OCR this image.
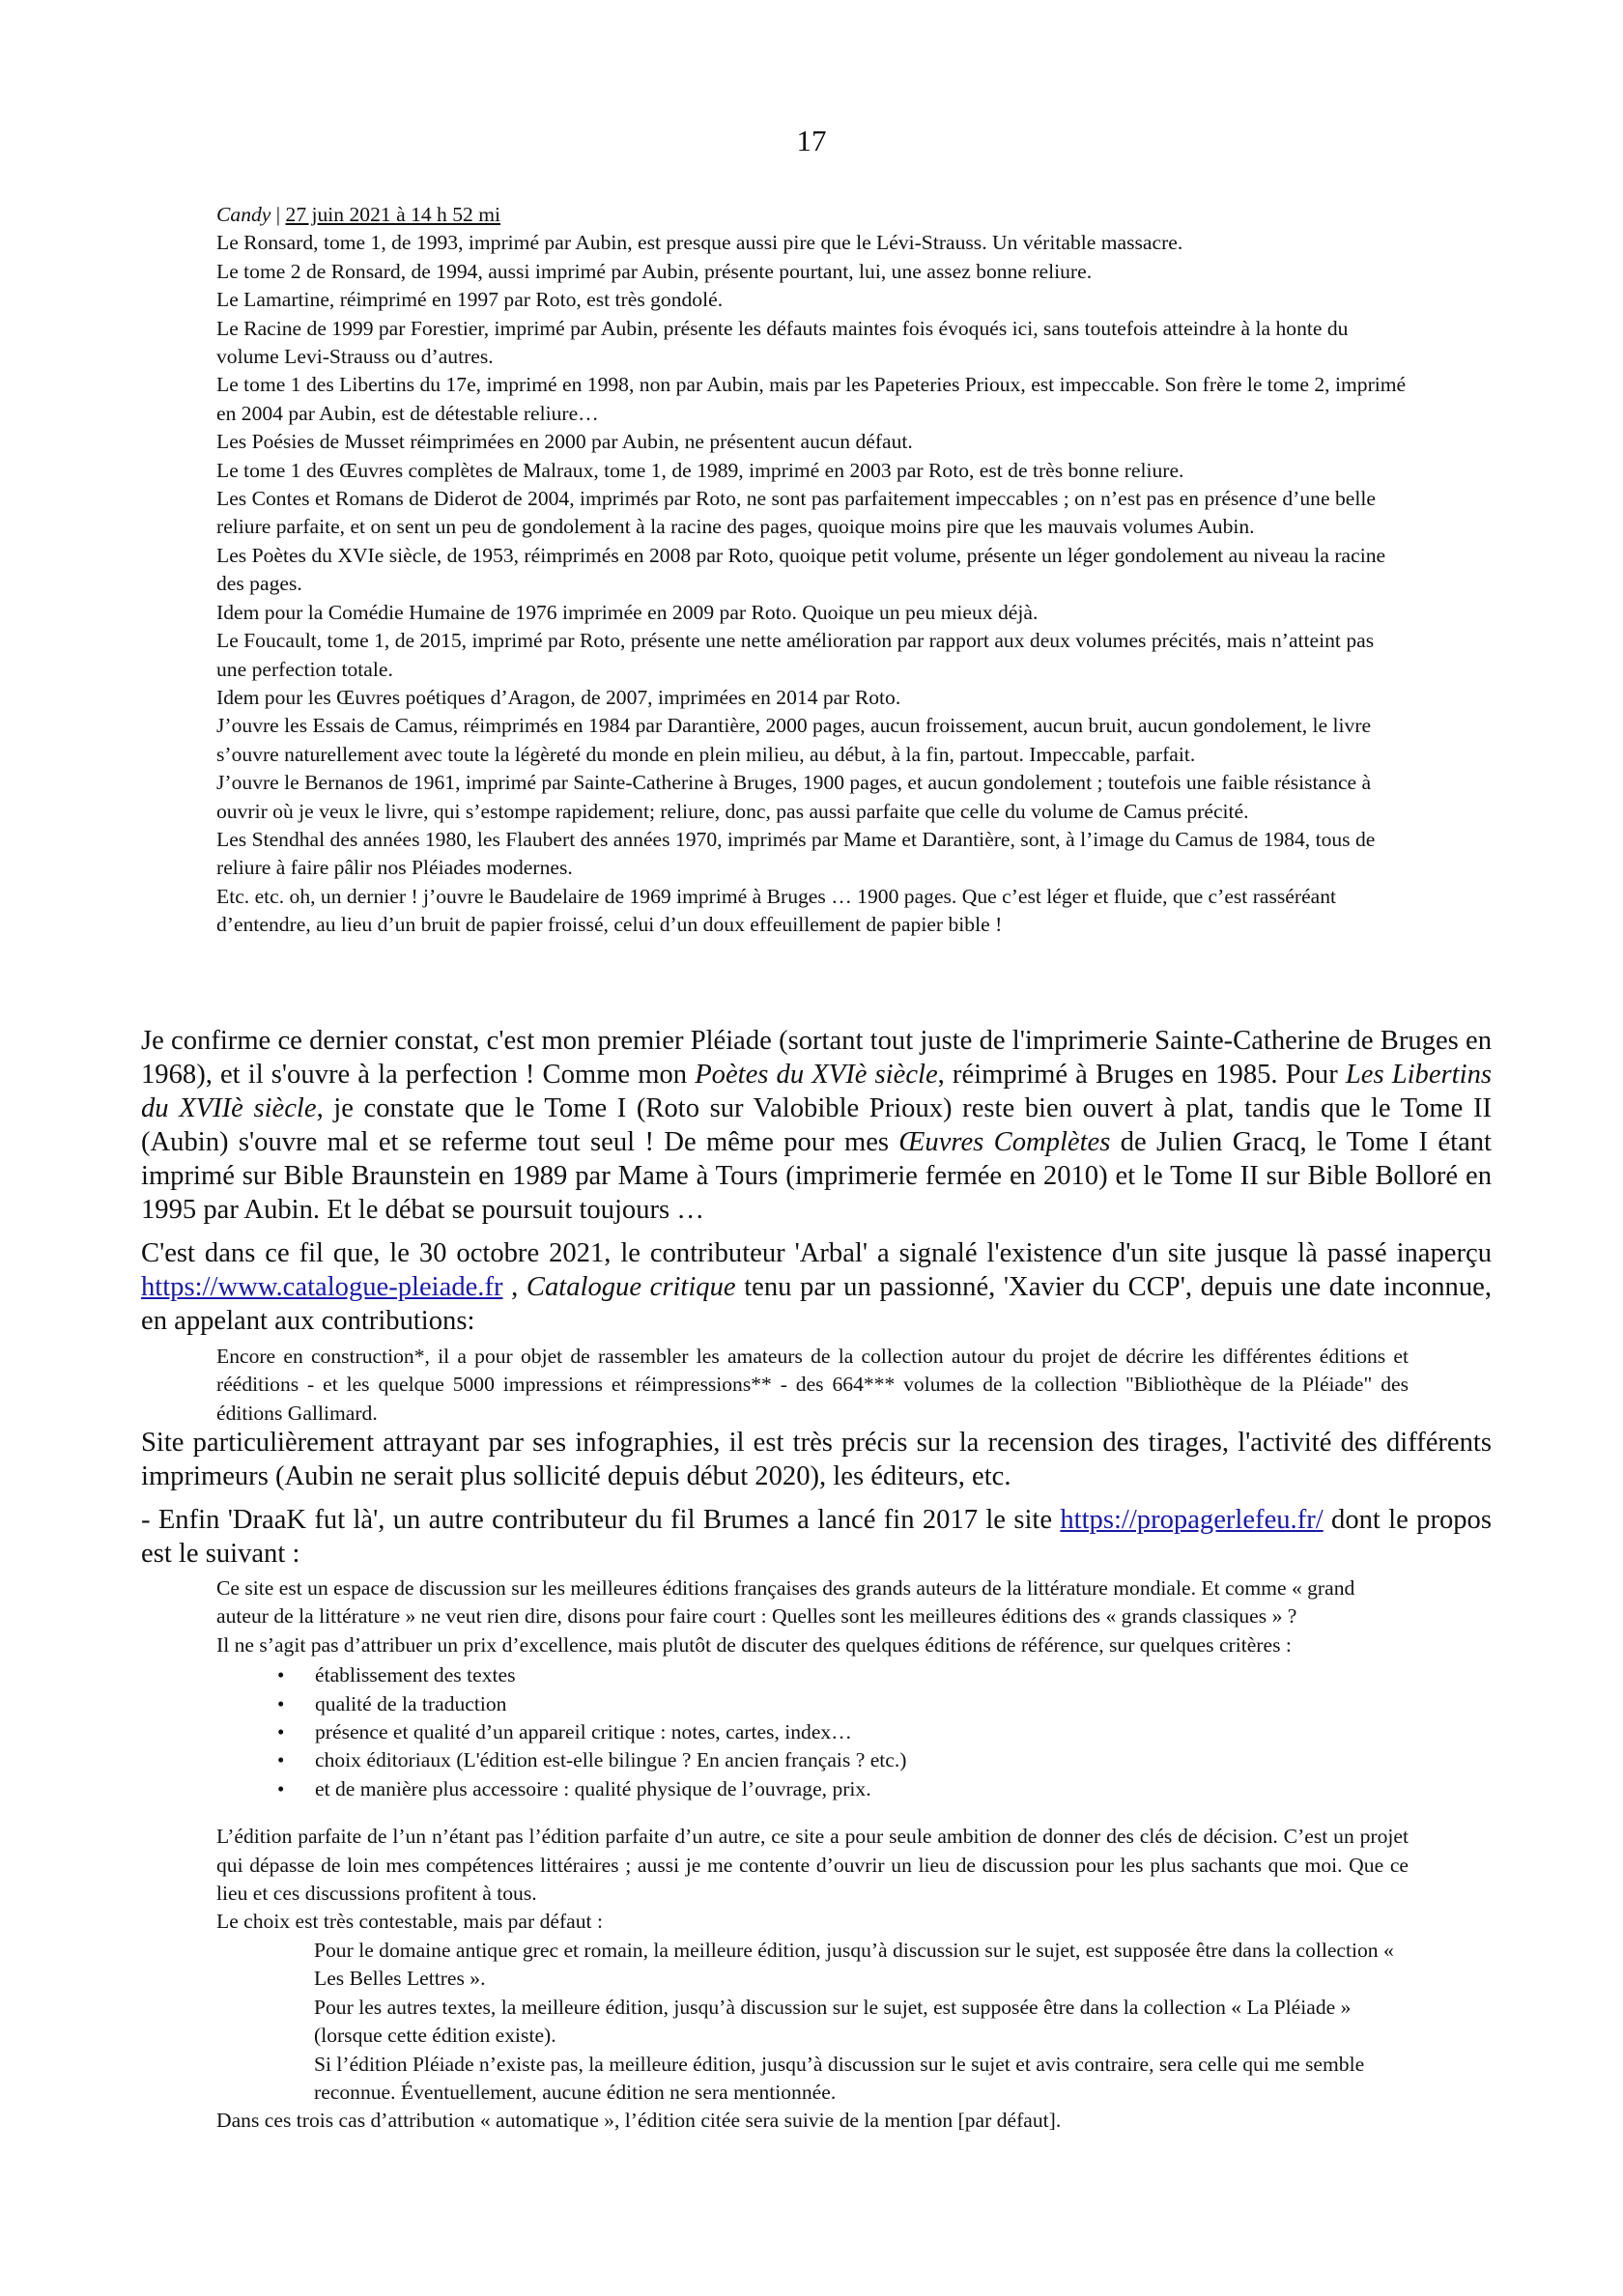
17

Candy | 27 juin 2021 à 14 h 52 mi

Le Ronsard, tome 1, de 1993, imprimé par Aubin, est presque aussi pire que le Lévi-Strauss. Un véritable massacre.

Le tome 2 de Ronsard, de 1994, aussi imprimé par Aubin, présente pourtant, lui, une assez bonne reliure.

Le Lamartine, réimprimé en 1997 par Roto, est très gondolé.

Le Racine de 1999 par Forestier, imprimé par Aubin, présente les défauts maintes fois évoqués ici, sans toutefois atteindre à la honte du volume Levi-Strauss ou d’autres.

Le tome 1 des Libertins du 17e, imprimé en 1998, non par Aubin, mais par les Papeteries Prioux, est impeccable. Son frère le tome 2, imprimé en 2004 par Aubin, est de détestable reliure…

Les Poésies de Musset réimprimées en 2000 par Aubin, ne présentent aucun défaut.

Le tome 1 des Œuvres complètes de Malraux, tome 1, de 1989, imprimé en 2003 par Roto, est de très bonne reliure.

Les Contes et Romans de Diderot de 2004, imprimés par Roto, ne sont pas parfaitement impeccables ; on n’est pas en présence d’une belle reliure parfaite, et on sent un peu de gondolement à la racine des pages, quoique moins pire que les mauvais volumes Aubin.

Les Poètes du XVIe siècle, de 1953, réimprimés en 2008 par Roto, quoique petit volume, présente un léger gondolement au niveau la racine des pages.

Idem pour la Comédie Humaine de 1976 imprimée en 2009 par Roto. Quoique un peu mieux déjà.

Le Foucault, tome 1, de 2015, imprimé par Roto, présente une nette amélioration par rapport aux deux volumes précités, mais n’atteint pas une perfection totale.

Idem pour les Œuvres poétiques d’Aragon, de 2007, imprimées en 2014 par Roto.

J’ouvre les Essais de Camus, réimprimés en 1984 par Darantière, 2000 pages, aucun froissement, aucun bruit, aucun gondolement, le livre s’ouvre naturellement avec toute la légèreté du monde en plein milieu, au début, à la fin, partout. Impeccable, parfait.

J’ouvre le Bernanos de 1961, imprimé par Sainte-Catherine à Bruges, 1900 pages, et aucun gondolement ; toutefois une faible résistance à ouvrir où je veux le livre, qui s’estompe rapidement; reliure, donc, pas aussi parfaite que celle du volume de Camus précité.

Les Stendhal des années 1980, les Flaubert des années 1970, imprimés par Mame et Darantière, sont, à l’image du Camus de 1984, tous de reliure à faire pâlir nos Pléiades modernes.

Etc. etc. oh, un dernier ! j’ouvre le Baudelaire de 1969 imprimé à Bruges … 1900 pages. Que c’est léger et fluide, que c’est rasséréant d’entendre, au lieu d’un bruit de papier froissé, celui d’un doux effeuillement de papier bible !

Je confirme ce dernier constat, c'est mon premier Pléiade (sortant tout juste de l'imprimerie Sainte-Catherine de Bruges en 1968), et il s'ouvre à la perfection ! Comme mon Poètes du XVIè siècle, réimprimé à Bruges en 1985. Pour Les Libertins du XVIIè siècle, je constate que le Tome I (Roto sur Valobible Prioux) reste bien ouvert à plat, tandis que le Tome II (Aubin) s'ouvre mal et se referme tout seul ! De même pour mes Œuvres Complètes de Julien Gracq, le Tome I étant imprimé sur Bible Braunstein en 1989 par Mame à Tours (imprimerie fermée en 2010) et le Tome II sur Bible Bolloré en 1995 par Aubin. Et le débat se poursuit toujours …

C'est dans ce fil que, le 30 octobre 2021, le contributeur 'Arbal' a signalé l'existence d'un site jusque là passé inaperçu https://www.catalogue-pleiade.fr , Catalogue critique tenu par un passionné, 'Xavier du CCP', depuis une date inconnue, en appelant aux contributions:

Encore en construction*, il a pour objet de rassembler les amateurs de la collection autour du projet de décrire les différentes éditions et rééditions - et les quelque 5000 impressions et réimpressions** - des 664*** volumes de la collection "Bibliothèque de la Pléiade" des éditions Gallimard.

Site particulièrement attrayant par ses infographies, il est très précis sur la recension des tirages, l'activité des différents imprimeurs (Aubin ne serait plus sollicité depuis début 2020), les éditeurs, etc.

- Enfin 'DraaK fut là', un autre contributeur du fil Brumes a lancé fin 2017 le site https://propagerlefeu.fr/ dont le propos est le suivant :

Ce site est un espace de discussion sur les meilleures éditions françaises des grands auteurs de la littérature mondiale. Et comme « grand auteur de la littérature » ne veut rien dire, disons pour faire court : Quelles sont les meilleures éditions des « grands classiques » ?

Il ne s’agit pas d’attribuer un prix d’excellence, mais plutôt de discuter des quelques éditions de référence, sur quelques critères :

• établissement des textes
• qualité de la traduction
• présence et qualité d’un appareil critique : notes, cartes, index…
• choix éditoriaux (L'édition est-elle bilingue ? En ancien français ? etc.)
• et de manière plus accessoire : qualité physique de l’ouvrage, prix.

L’édition parfaite de l’un n’étant pas l’édition parfaite d’un autre, ce site a pour seule ambition de donner des clés de décision. C’est un projet qui dépasse de loin mes compétences littéraires ; aussi je me contente d’ouvrir un lieu de discussion pour les plus sachants que moi. Que ce lieu et ces discussions profitent à tous.

Le choix est très contestable, mais par défaut :

Pour le domaine antique grec et romain, la meilleure édition, jusqu’à discussion sur le sujet, est supposée être dans la collection « Les Belles Lettres ».

Pour les autres textes, la meilleure édition, jusqu’à discussion sur le sujet, est supposée être dans la collection « La Pléiade » (lorsque cette édition existe).

Si l’édition Pléiade n’existe pas, la meilleure édition, jusqu’à discussion sur le sujet et avis contraire, sera celle qui me semble reconnue. Éventuellement, aucune édition ne sera mentionnée.

Dans ces trois cas d’attribution « automatique », l’édition citée sera suivie de la mention [par défaut].
